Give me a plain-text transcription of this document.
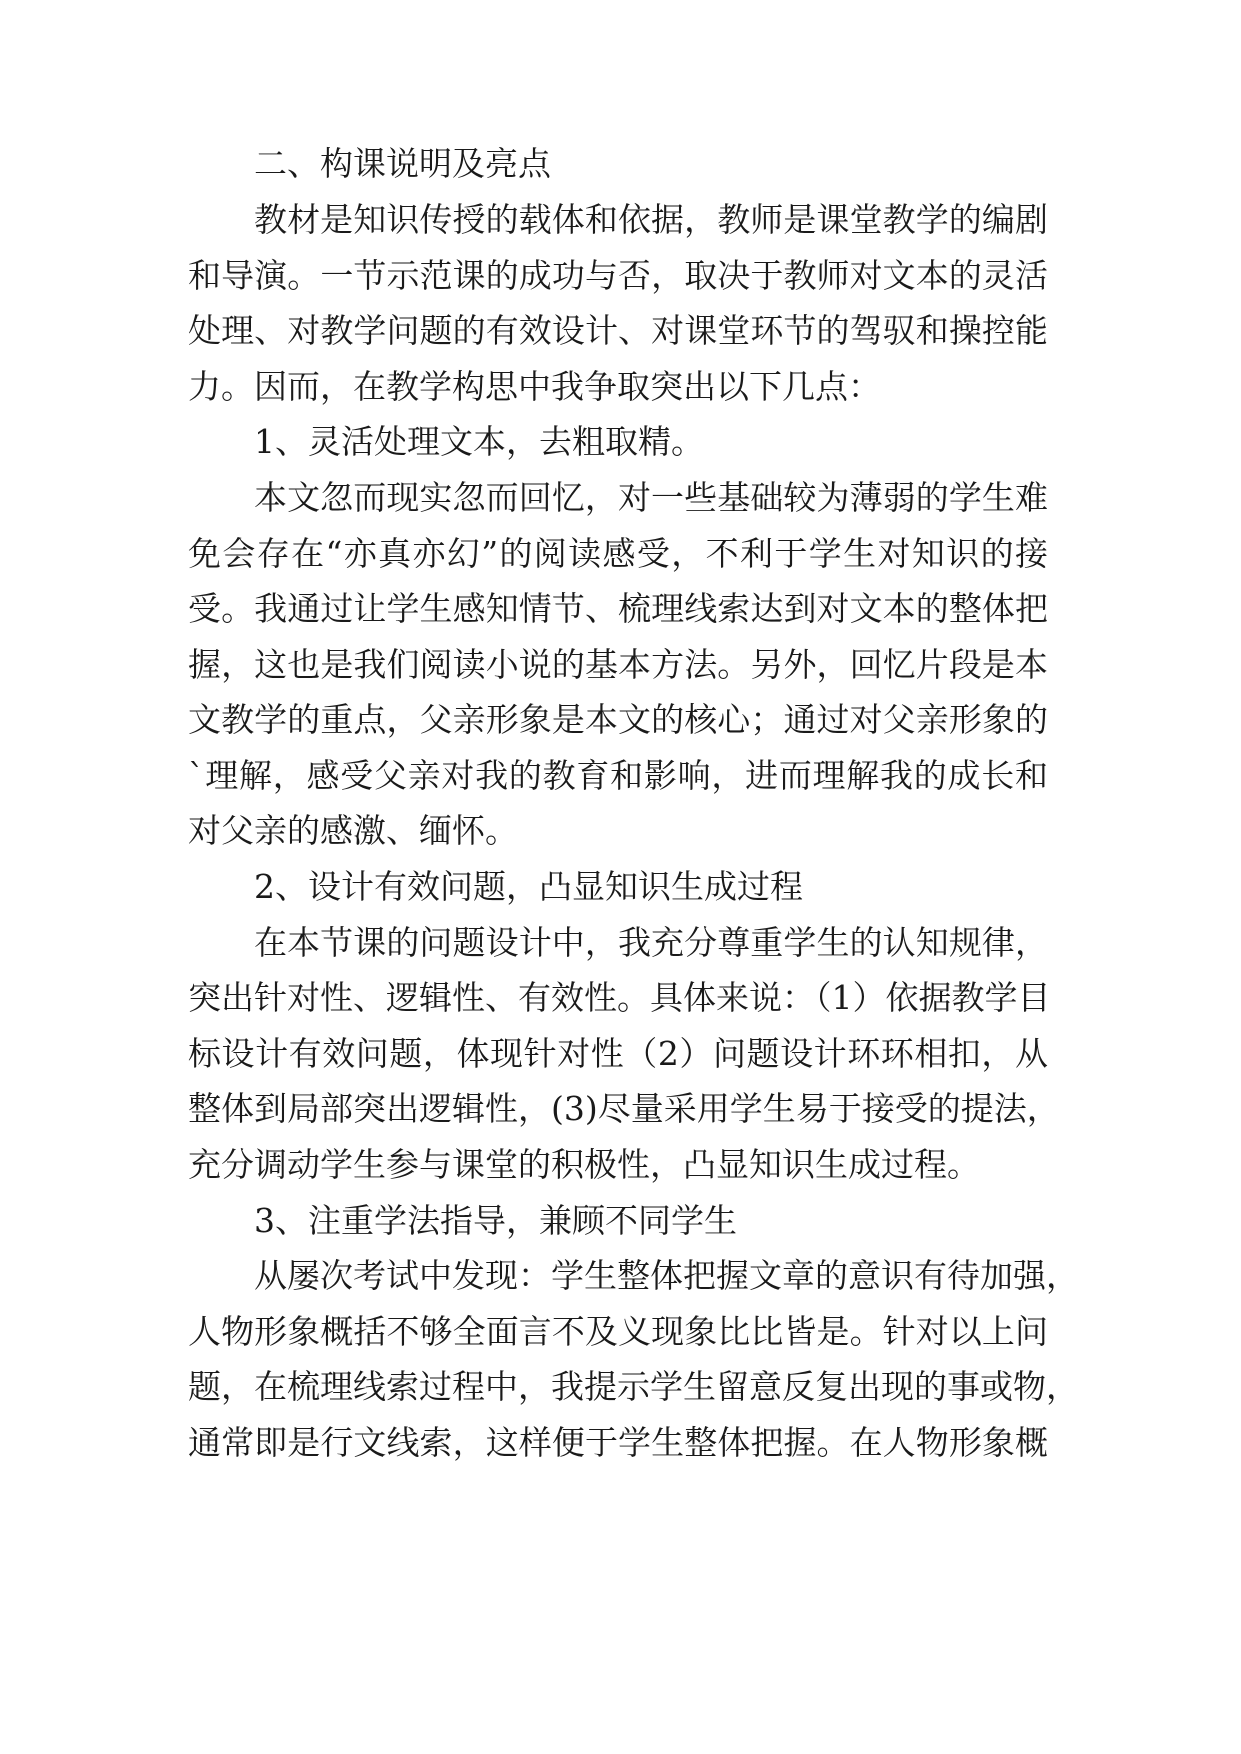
二、构课说明及亮点
教材是知识传授的载体和依据，教师是课堂教学的编剧
和导演。一节示范课的成功与否，取决于教师对文本的灵活
处理、对教学问题的有效设计、对课堂环节的驾驭和操控能
力。因而，在教学构思中我争取突出以下几点：
1、灵活处理文本，去粗取精。
本文忽而现实忽而回忆，对一些基础较为薄弱的学生难
免会存在“亦真亦幻”的阅读感受，不利于学生对知识的接
受。我通过让学生感知情节、梳理线索达到对文本的整体把
握，这也是我们阅读小说的基本方法。另外，回忆片段是本
文教学的重点，父亲形象是本文的核心；通过对父亲形象的
`理解，感受父亲对我的教育和影响，进而理解我的成长和
对父亲的感激、缅怀。
2、设计有效问题，凸显知识生成过程
在本节课的问题设计中，我充分尊重学生的认知规律，
突出针对性、逻辑性、有效性。具体来说：（1）依据教学目
标设计有效问题，体现针对性（2）问题设计环环相扣，从
整体到局部突出逻辑性，(3)尽量采用学生易于接受的提法，
充分调动学生参与课堂的积极性，凸显知识生成过程。
3、注重学法指导，兼顾不同学生
从屡次考试中发现：学生整体把握文章的意识有待加强，
人物形象概括不够全面言不及义现象比比皆是。针对以上问
题，在梳理线索过程中，我提示学生留意反复出现的事或物，
通常即是行文线索，这样便于学生整体把握。在人物形象概
